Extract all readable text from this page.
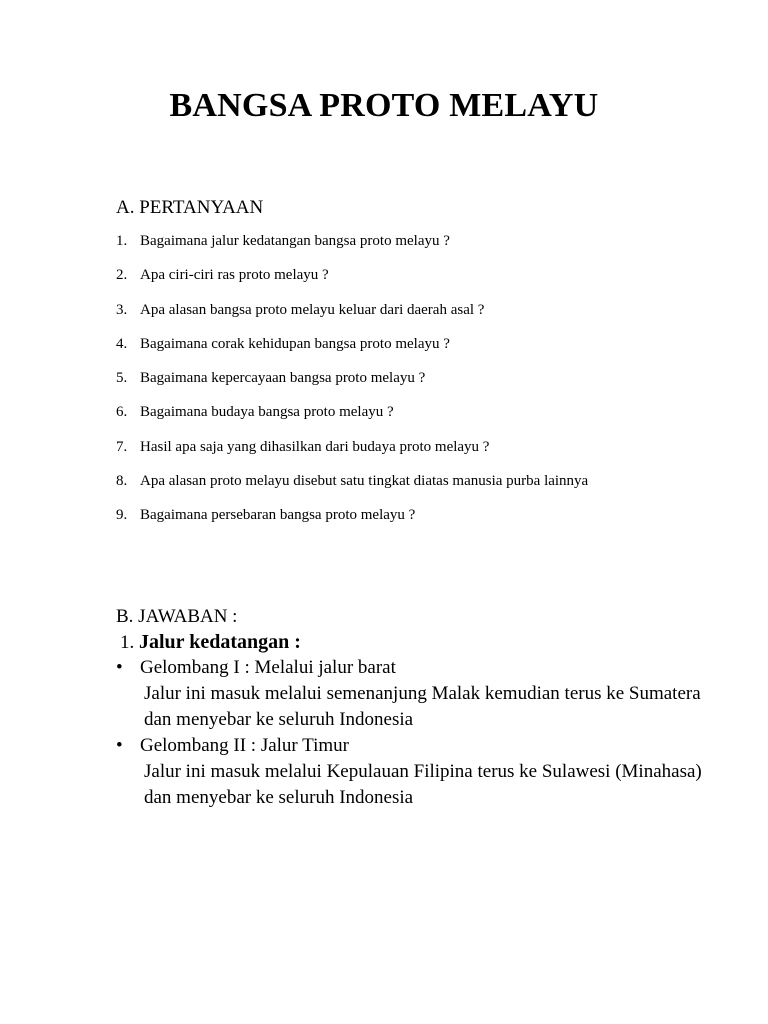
BANGSA PROTO MELAYU
A. PERTANYAAN
1. Bagaimana jalur kedatangan bangsa proto melayu ?
2. Apa ciri-ciri ras proto melayu ?
3. Apa alasan bangsa proto melayu keluar dari daerah asal ?
4. Bagaimana corak kehidupan bangsa proto melayu ?
5. Bagaimana kepercayaan bangsa proto melayu ?
6. Bagaimana budaya bangsa proto melayu ?
7. Hasil apa saja yang dihasilkan dari budaya proto melayu ?
8. Apa alasan proto melayu disebut satu tingkat diatas manusia purba lainnya
9. Bagaimana persebaran bangsa proto melayu ?
B. JAWABAN :
1. Jalur kedatangan :
• Gelombang I : Melalui jalur barat
Jalur ini masuk melalui semenanjung Malak kemudian terus ke Sumatera dan menyebar ke seluruh Indonesia
• Gelombang II : Jalur Timur
Jalur ini masuk melalui Kepulauan Filipina terus ke Sulawesi (Minahasa) dan menyebar ke seluruh Indonesia
